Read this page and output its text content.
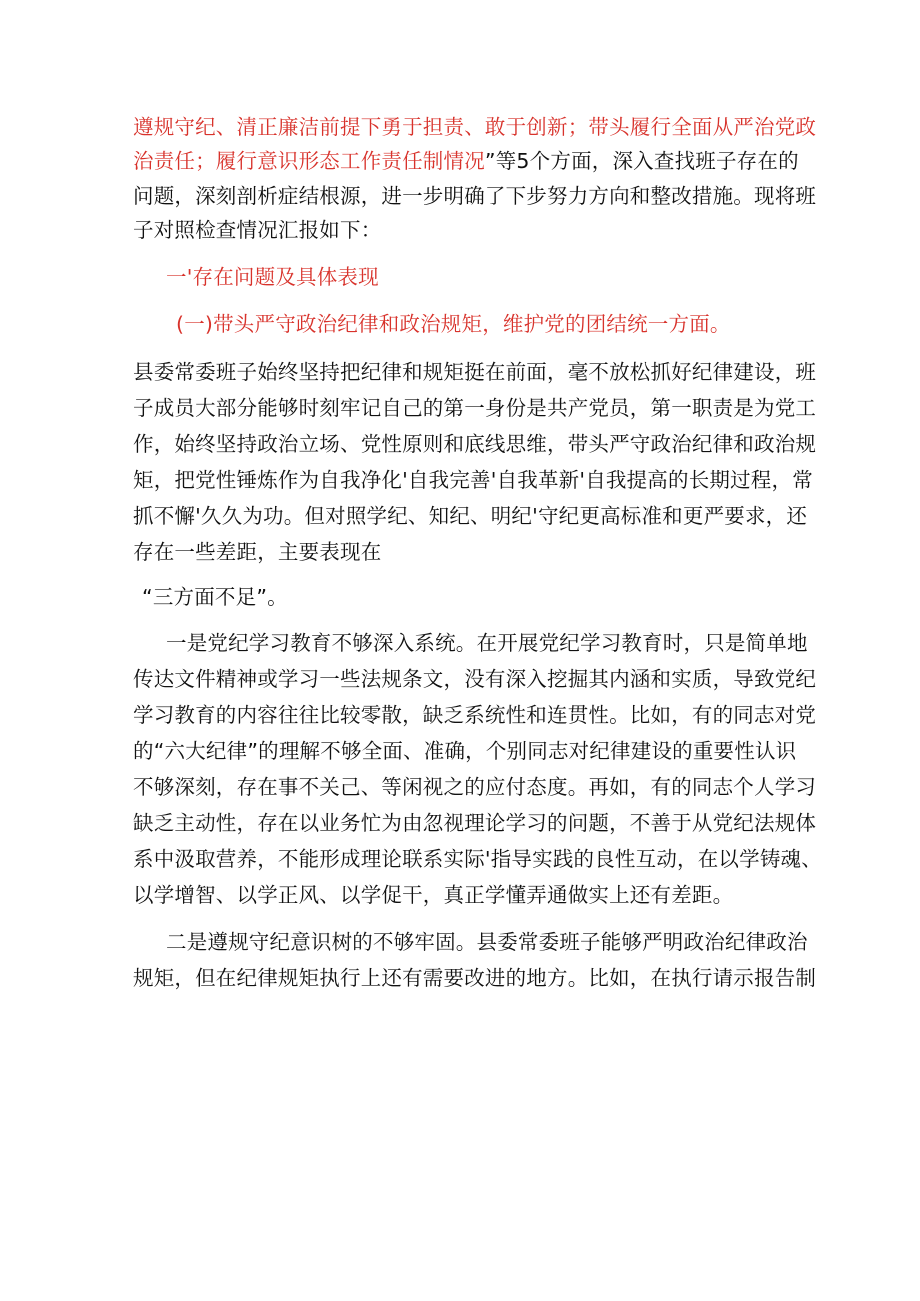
遵规守纪、清正廉洁前提下勇于担责、敢于创新；带头履行全面从严治党政
治责任；履行意识形态工作责任制情况”等5个方面，深入查找班子存在的
问题，深刻剖析症结根源，进一步明确了下步努力方向和整改措施。现将班
子对照检查情况汇报如下：
一'存在问题及具体表现
(一)带头严守政治纪律和政治规矩，维护党的团结统一方面。
县委常委班子始终坚持把纪律和规矩挺在前面，毫不放松抓好纪律建设，班
子成员大部分能够时刻牢记自己的第一身份是共产党员，第一职责是为党工
作，始终坚持政治立场、党性原则和底线思维，带头严守政治纪律和政治规
矩，把党性锤炼作为自我净化'自我完善'自我革新'自我提高的长期过程，常
抓不懈'久久为功。但对照学纪、知纪、明纪'守纪更高标准和更严要求，还
存在一些差距，主要表现在
“三方面不足”。
一是党纪学习教育不够深入系统。在开展党纪学习教育时，只是简单地
传达文件精神或学习一些法规条文，没有深入挖掘其内涵和实质，导致党纪
学习教育的内容往往比较零散，缺乏系统性和连贯性。比如，有的同志对党
的“六大纪律”的理解不够全面、准确，个别同志对纪律建设的重要性认识
不够深刻，存在事不关己、等闲视之的应付态度。再如，有的同志个人学习
缺乏主动性，存在以业务忙为由忽视理论学习的问题，不善于从党纪法规体
系中汲取营养，不能形成理论联系实际'指导实践的良性互动，在以学铸魂、
以学增智、以学正风、以学促干，真正学懂弄通做实上还有差距。
二是遵规守纪意识树的不够牢固。县委常委班子能够严明政治纪律政治
规矩，但在纪律规矩执行上还有需要改进的地方。比如，在执行请示报告制
